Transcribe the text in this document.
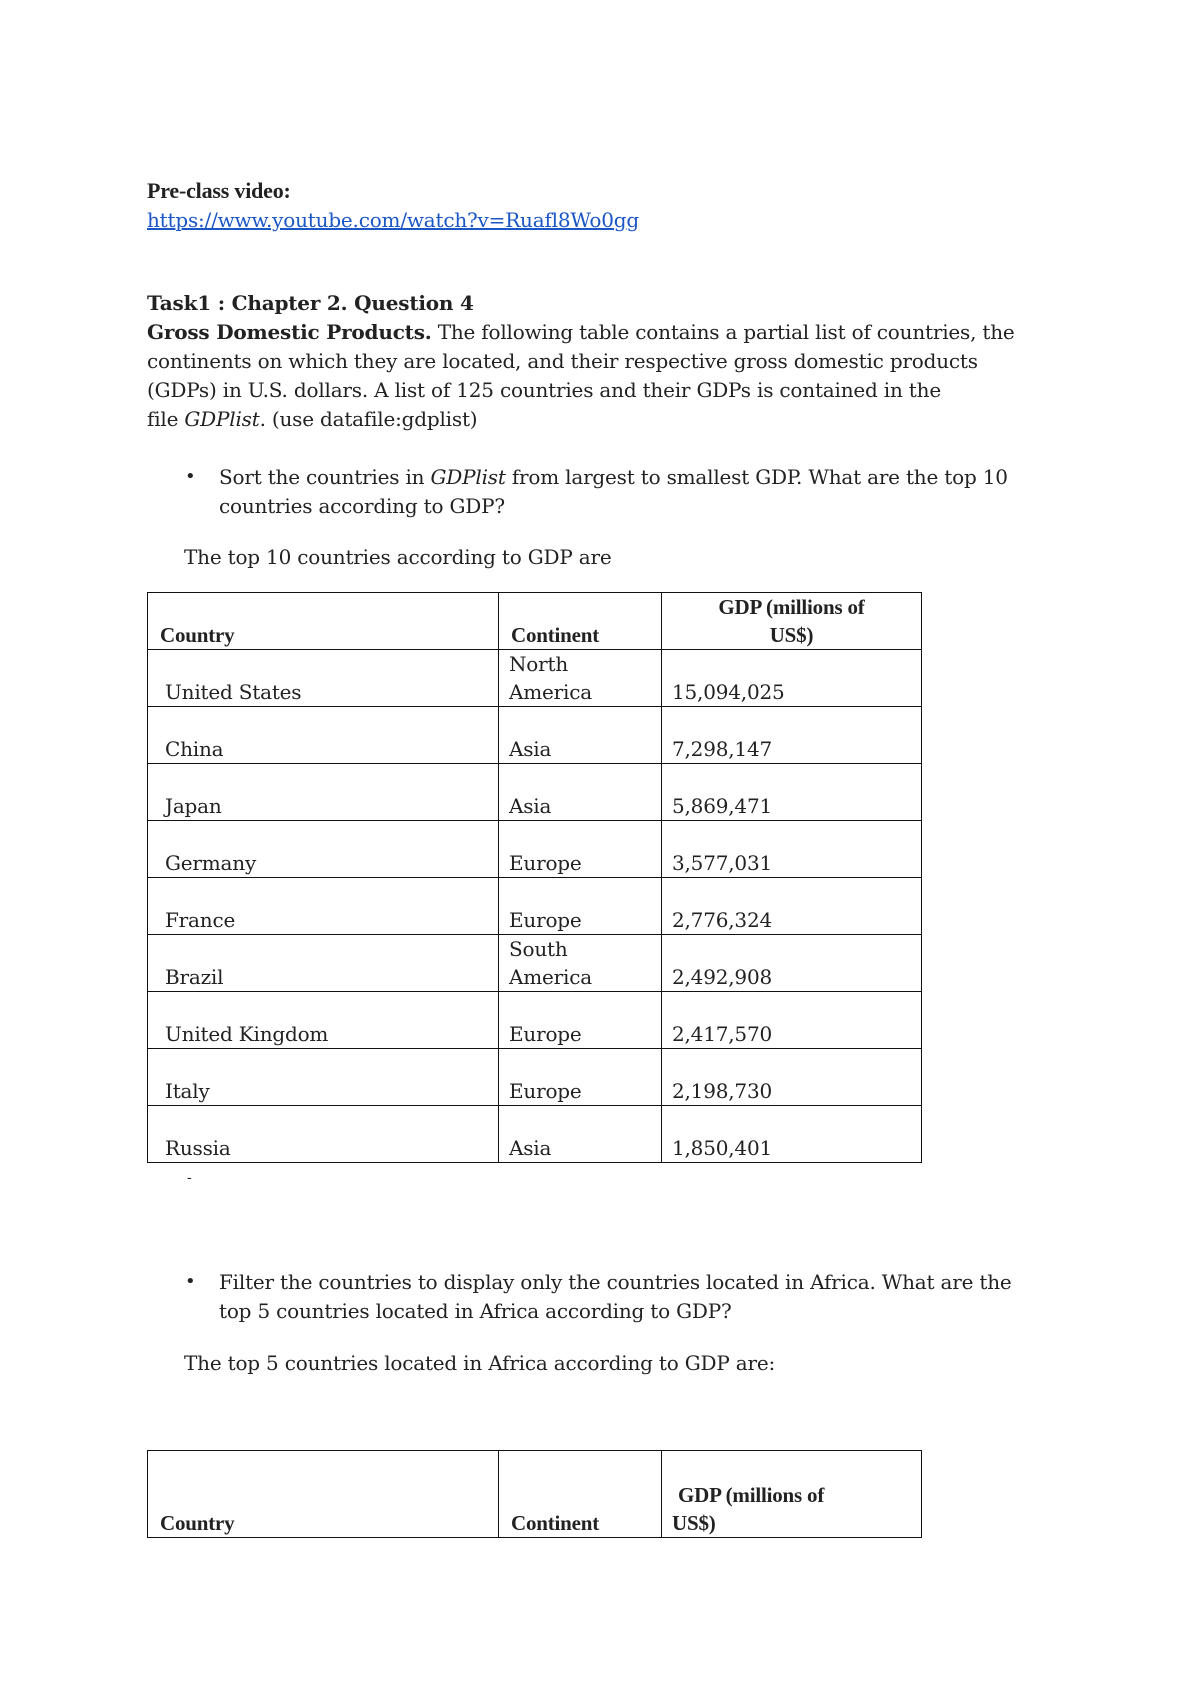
Pre-class video:
https://www.youtube.com/watch?v=Ruafl8Wo0gg
Task1 : Chapter 2. Question 4
Gross Domestic Products. The following table contains a partial list of countries, the
continents on which they are located, and their respective gross domestic products
(GDPs) in U.S. dollars. A list of 125 countries and their GDPs is contained in the
file GDPlist. (use datafile:gdplist)
• Sort the countries in GDPlist from largest to smallest GDP. What are the top 10
countries according to GDP?
The top 10 countries according to GDP are
Country	Continent	GDP (millions of
US$)
United States	North
America	15,094,025
China	Asia	7,298,147
Japan	Asia	5,869,471
Germany	Europe	3,577,031
France	Europe	2,776,324
Brazil	South
America	2,492,908
United Kingdom	Europe	2,417,570
Italy	Europe	2,198,730
Russia	Asia	1,850,401
-
• Filter the countries to display only the countries located in Africa. What are the
top 5 countries located in Africa according to GDP?
The top 5 countries located in Africa according to GDP are:
Country	Continent	GDP (millions of
US$)
